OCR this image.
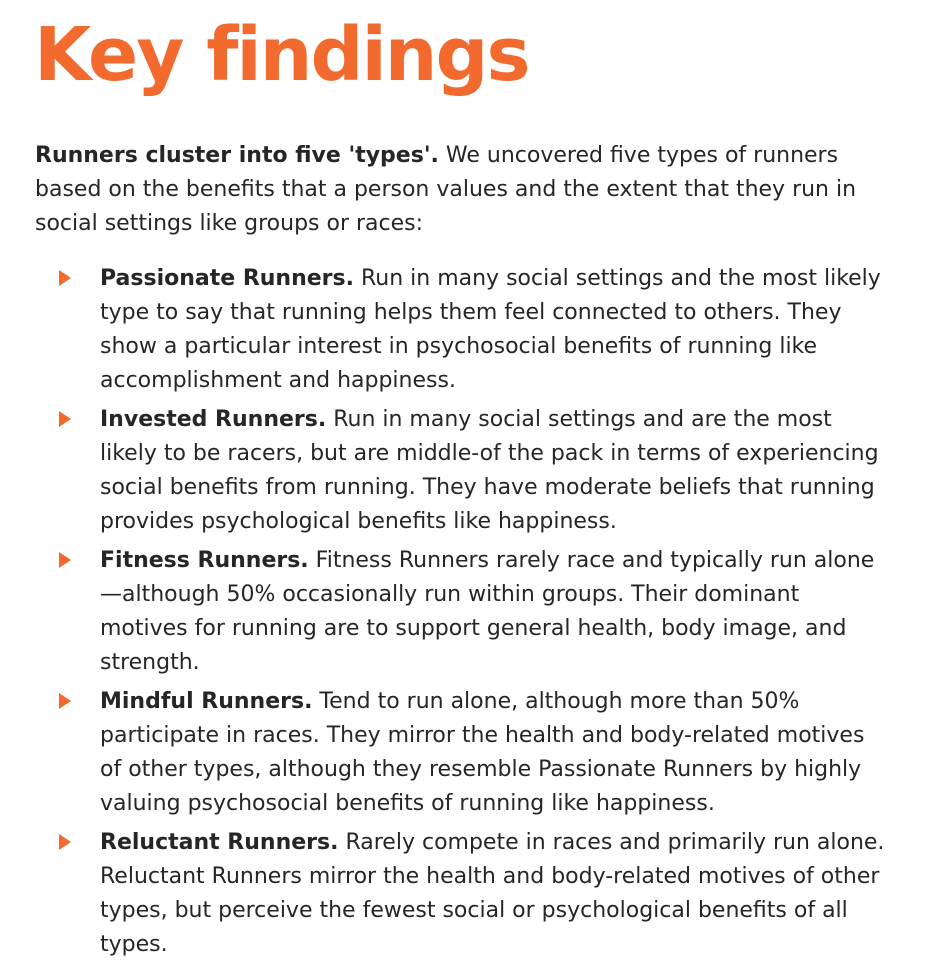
Key findings

Runners cluster into five 'types'. We uncovered five types of runners based on the benefits that a person values and the extent that they run in social settings like groups or races:

Passionate Runners. Run in many social settings and the most likely type to say that running helps them feel connected to others. They show a particular interest in psychosocial benefits of running like accomplishment and happiness.
Invested Runners. Run in many social settings and are the most likely to be racers, but are middle-of the pack in terms of experiencing social benefits from running. They have moderate beliefs that running provides psychological benefits like happiness.
Fitness Runners. Fitness Runners rarely race and typically run alone—although 50% occasionally run within groups. Their dominant motives for running are to support general health, body image, and strength.
Mindful Runners. Tend to run alone, although more than 50% participate in races. They mirror the health and body-related motives of other types, although they resemble Passionate Runners by highly valuing psychosocial benefits of running like happiness.
Reluctant Runners. Rarely compete in races and primarily run alone. Reluctant Runners mirror the health and body-related motives of other types, but perceive the fewest social or psychological benefits of all types.
